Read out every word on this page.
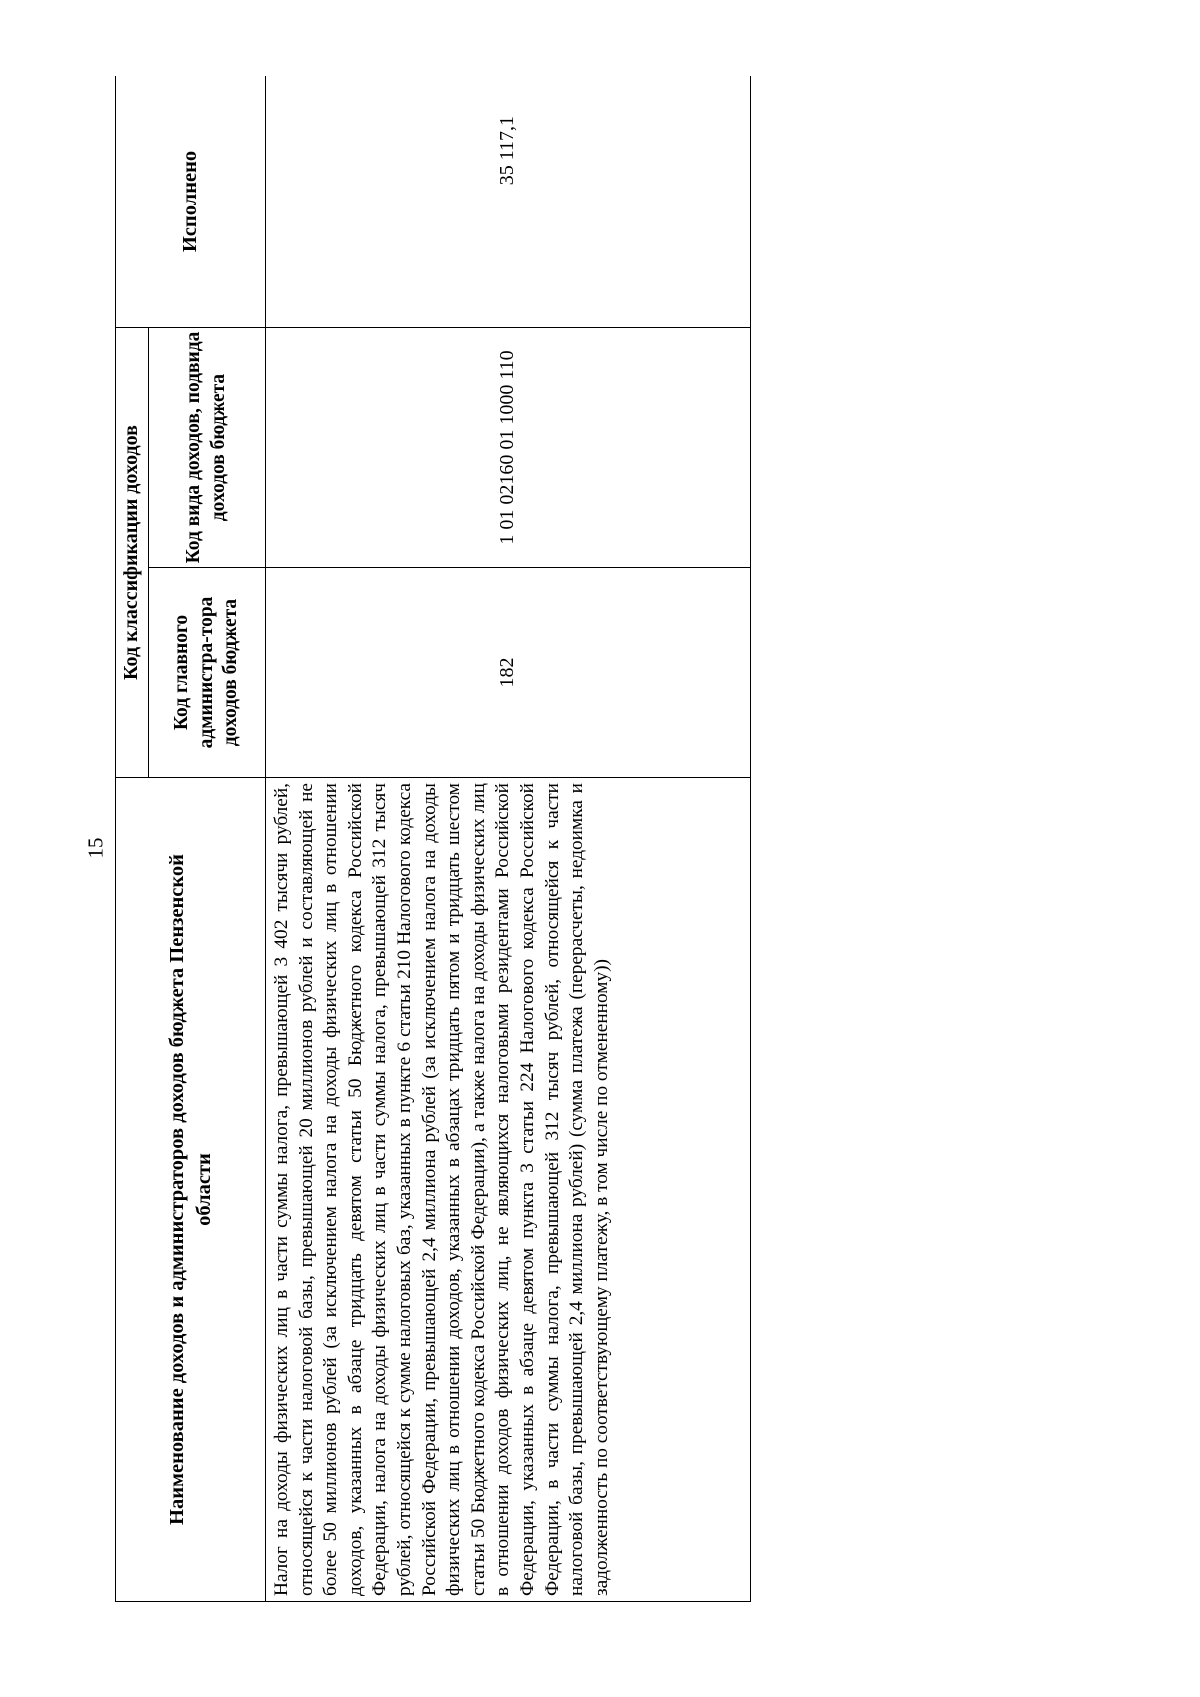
15
Наименование доходов и администраторов доходов бюджета Пензенской области	Код классификации доходов		Исполнено
	Код главного администра-тора доходов бюджета	Код вида доходов, подвида доходов бюджета	
Налог на доходы физических лиц в части суммы налога, превышающей 3 402 тысячи рублей, относящейся к части налоговой базы, превышающей 20 миллионов рублей и составляющей не более 50 миллионов рублей (за исключением налога на доходы физических лиц в отношении доходов, указанных в абзаце тридцать девятом статьи 50 Бюджетного кодекса Российской Федерации, налога на доходы физических лиц в части суммы налога, превышающей 312 тысяч рублей, относящейся к сумме налоговых баз, указанных в пункте 6 статьи 210 Налогового кодекса Российской Федерации, превышающей 2,4 миллиона рублей (за исключением налога на доходы физических лиц в отношении доходов, указанных в абзацах тридцать пятом и тридцать шестом статьи 50 Бюджетного кодекса Российской Федерации), а также налога на доходы физических лиц в отношении доходов физических лиц, не являющихся налоговыми резидентами Российской Федерации, указанных в абзаце девятом пункта 3 статьи 224 Налогового кодекса Российской Федерации, в части суммы налога, превышающей 312 тысяч рублей, относящейся к части налоговой базы, превышающей 2,4 миллиона рублей) (сумма платежа (перерасчеты, недоимка и задолженность по соответствующему платежу, в том числе по отмененному))	182	1 01 02160 01 1000 110	35 117,1
